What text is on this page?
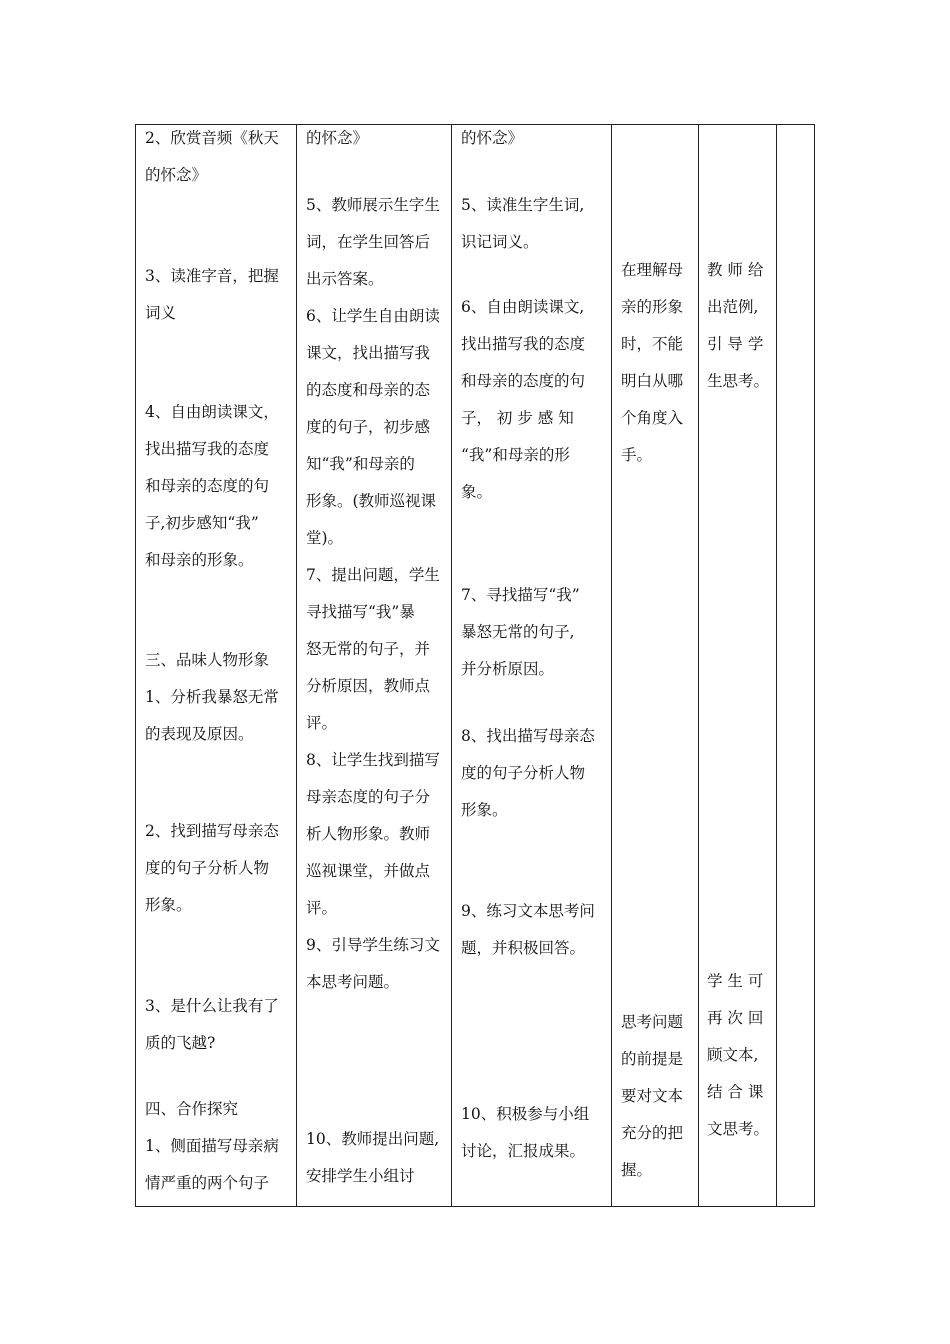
2、欣赏音频《秋天
的怀念》
3、读准字音，把握
词义
4、自由朗读课文，
找出描写我的态度
和母亲的态度的句
子,初步感知“我”
和母亲的形象。
三、品味人物形象
1、分析我暴怒无常
的表现及原因。
2、找到描写母亲态
度的句子分析人物
形象。
3、是什么让我有了
质的飞越?
四、合作探究
1、侧面描写母亲病
情严重的两个句子
的怀念》
5、教师展示生字生
词，在学生回答后
出示答案。
6、让学生自由朗读
课文，找出描写我
的态度和母亲的态
度的句子，初步感
知“我”和母亲的
形象。(教师巡视课
堂)。
7、提出问题，学生
寻找描写“我”暴
怒无常的句子，并
分析原因，教师点
评。
8、让学生找到描写
母亲态度的句子分
析人物形象。教师
巡视课堂，并做点
评。
9、引导学生练习文
本思考问题。
10、教师提出问题,
安排学生小组讨
的怀念》
5、读准生字生词,
识记词义。
6、自由朗读课文,
找出描写我的态度
和母亲的态度的句
子， 初 步 感 知
“我”和母亲的形
象。
7、寻找描写“我”
暴怒无常的句子,
并分析原因。
8、找出描写母亲态
度的句子分析人物
形象。
9、练习文本思考问
题，并积极回答。
10、积极参与小组
讨论，汇报成果。
在理解母
亲的形象
时，不能
明白从哪
个角度入
手。
思考问题
的前提是
要对文本
充分的把
握。
教 师 给
出范例,
引 导 学
生思考。
学 生 可
再 次 回
顾文本,
结 合 课
文思考。
